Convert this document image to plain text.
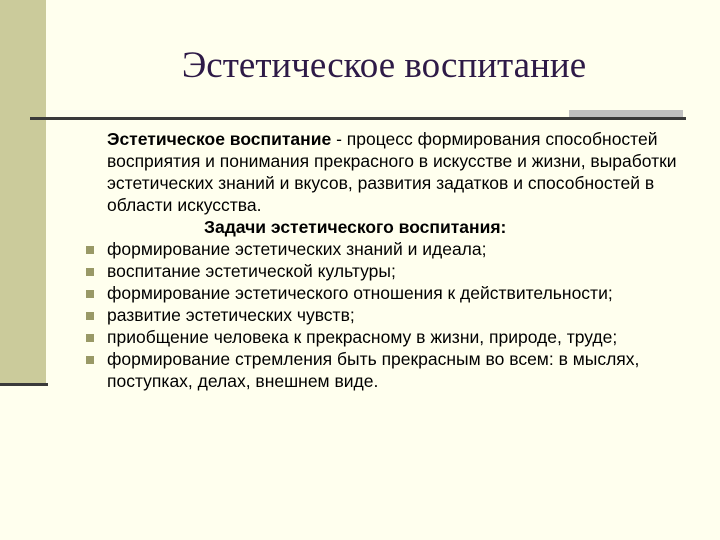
Эстетическое воспитание
Эстетическое воспитание - процесс формирования способностей восприятия и понимания прекрасного в искусстве и жизни, выработки эстетических знаний и вкусов, развития задатков и способностей в области искусства.

Задачи эстетического воспитания:

формирование эстетических знаний и идеала;
воспитание эстетической культуры;
формирование эстетического отношения к действительности;
развитие эстетических чувств;
приобщение человека к прекрасному в жизни, природе, труде;
формирование стремления быть прекрасным во всем: в мыслях, поступках, делах, внешнем виде.
